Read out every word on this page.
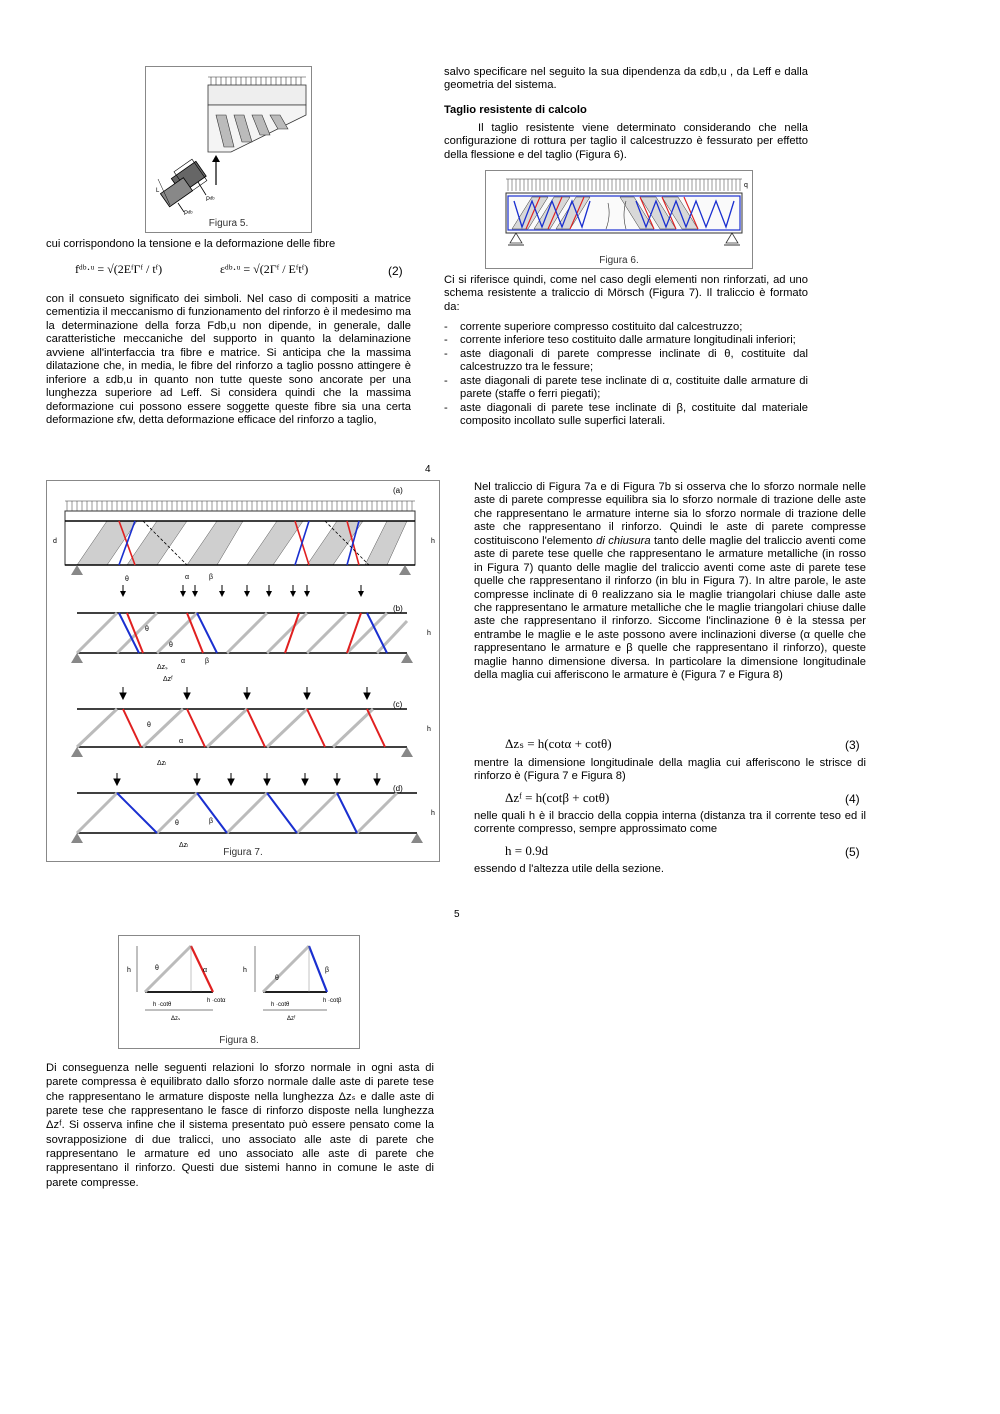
Pᵈᵇ
Pᵈᵇ
L
Figura 5.
cui corrispondono la tensione e la deformazione delle fibre
fᵈᵇ·ᵘ = √(2EᶠΓᶠ / tᶠ)	εᵈᵇ·ᵘ = √(2Γᶠ / Eᶠtᶠ)	(2)
con il consueto significato dei simboli. Nel caso di compositi a matrice cementizia il meccanismo di funzionamento del rinforzo è il medesimo ma la determinazione della forza Fdb,u non dipende, in generale, dalle caratteristiche meccaniche del supporto in quanto la delaminazione avviene all'interfaccia tra fibre e matrice. Si anticipa che la massima dilatazione che, in media, le fibre del rinforzo a taglio possno attingere è inferiore a εdb,u in quanto non tutte queste sono ancorate per una lunghezza superiore ad Leff. Si considera quindi che la massima deformazione cui possono essere soggette queste fibre sia una certa deformazione εfw, detta deformazione efficace del rinforzo a taglio,
salvo specificare nel seguito la sua dipendenza da εdb,u , da Leff e dalla geometria del sistema.
Taglio resistente di calcolo
Il taglio resistente viene determinato considerando che nella configurazione di rottura per taglio il calcestruzzo è fessurato per effetto della flessione e del taglio (Figura 6).
q
Figura 6.
Ci si riferisce quindi, come nel caso degli elementi non rinforzati, ad uno schema resistente a traliccio di Mörsch (Figura 7). Il traliccio è formato da:
- corrente superiore compresso costituito dal calcestruzzo;
- corrente inferiore teso costituito dalle armature longitudinali inferiori;
- aste diagonali di parete compresse inclinate di θ, costituite dal calcestruzzo tra le fessure;
- aste diagonali di parete tese inclinate di α, costituite dalle armature di parete (staffe o ferri piegati);
- aste diagonali di parete tese inclinate di β, costituite dal materiale composito incollato sulle superfici laterali.
4
(a)
d	h
θ	α	β
(b)
h
θ
θ
α	β
Δzₛ
Δzᶠ
(c)
h
θ
α
Δzₗ
(d)
h
θ	β
Δzₗ
Figura 7.
Nel traliccio di Figura 7a e di Figura 7b si osserva che lo sforzo normale nelle aste di parete compresse equilibra sia lo sforzo normale di trazione delle aste che rappresentano le armature interne sia lo sforzo normale di trazione delle aste che rappresentano il rinforzo. Quindi le aste di parete compresse costituiscono l'elemento di chiusura tanto delle maglie del traliccio aventi come aste di parete tese quelle che rappresentano le armature metalliche (in rosso in Figura 7) quanto delle maglie del traliccio aventi come aste di parete tese quelle che rappresentano il rinforzo (in blu in Figura 7). In altre parole, le aste compresse inclinate di θ realizzano sia le maglie triangolari chiuse dalle aste che rappresentano le armature metalliche che le maglie triangolari chiuse dalle aste che rappresentano il rinforzo. Siccome l'inclinazione θ è la stessa per entrambe le maglie e le aste possono avere inclinazioni diverse (α quelle che rappresentano le armature e β quelle che rappresentano il rinforzo), queste maglie hanno dimensione diversa. In particolare la dimensione longitudinale della maglia cui afferiscono le armature è (Figura 7 e Figura 8)
Δzₛ = h(cotα + cotθ)	(3)
mentre la dimensione longitudinale della maglia cui afferiscono le strisce di rinforzo è (Figura 7 e Figura 8)
Δzᶠ = h(cotβ + cotθ)	(4)
nelle quali h è il braccio della coppia interna (distanza tra il corrente teso ed il corrente compresso, sempre approssimato come
h = 0.9d	(5)
essendo d l'altezza utile della sezione.
5
h	θ	α
h ·cotθ
h ·cotα
Δzₛ
h
θ
β
h ·cotθ
h ·cotβ
Δzᶠ
Figura 8.
Di conseguenza nelle seguenti relazioni lo sforzo normale in ogni asta di parete compressa è equilibrato dallo sforzo normale dalle aste di parete tese che rappresentano le armature disposte nella lunghezza Δzₛ e dalle aste di parete tese che rappresentano le fasce di rinforzo disposte nella lunghezza Δzᶠ. Si osserva infine che il sistema presentato può essere pensato come la sovrapposizione di due tralicci, uno associato alle aste di parete che rappresentano le armature ed uno associato alle aste di parete che rappresentano il rinforzo. Questi due sistemi hanno in comune le aste di parete compresse.
